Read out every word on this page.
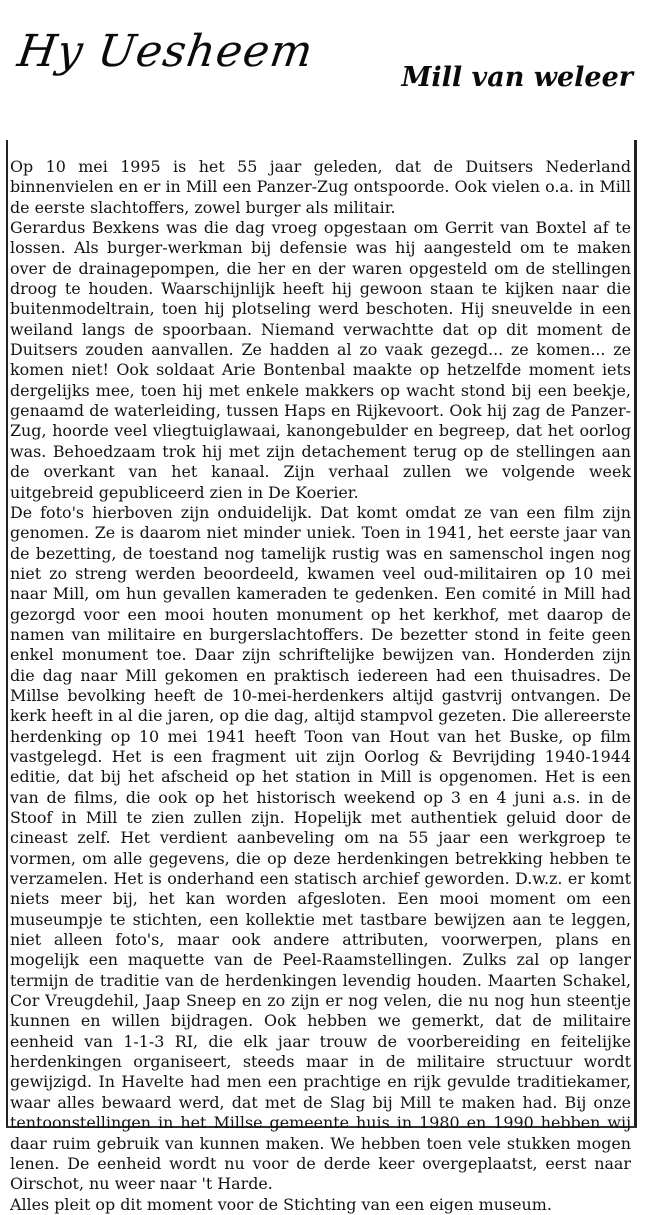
Hy Uesheem
Mill van weleer
Op 10 mei 1995 is het 55 jaar geleden, dat de Duitsers Nederland binnenvielen en er in Mill een Panzer-Zug ontspoorde. Ook vielen o.a. in Mill de eerste slachtoffers, zowel burger als militair.
Gerardus Bexkens was die dag vroeg opgestaan om Gerrit van Boxtel af te lossen. Als burger-werkman bij defensie was hij aangesteld om te maken over de drainagepompen, die her en der waren opgesteld om de stellingen droog te houden. Waarschijnlijk heeft hij gewoon staan te kijken naar die buitenmodeltrain, toen hij plotseling werd beschoten. Hij sneuvelde in een weiland langs de spoorbaan. Niemand verwachtte dat op dit moment de Duitsers zouden aanvallen. Ze hadden al zo vaak gezegd... ze komen... ze komen niet! Ook soldaat Arie Bontenbal maakte op hetzelfde moment iets dergelijks mee, toen hij met enkele makkers op wacht stond bij een beekje, genaamd de waterleiding, tussen Haps en Rijkevoort. Ook hij zag de Panzer-Zug, hoorde veel vliegtuiglawaai, kanongebulder en begreep, dat het oorlog was. Behoedzaam trok hij met zijn detachement terug op de stellingen aan de overkant van het kanaal. Zijn verhaal zullen we volgende week uitgebreid gepubliceerd zien in De Koerier.
De foto's hierboven zijn onduidelijk. Dat komt omdat ze van een film zijn genomen. Ze is daarom niet minder uniek. Toen in 1941, het eerste jaar van de bezetting, de toestand nog tamelijk rustig was en samenschol ingen nog niet zo streng werden beoordeeld, kwamen veel oud-militairen op 10 mei naar Mill, om hun gevallen kameraden te gedenken. Een comité in Mill had gezorgd voor een mooi houten monument op het kerkhof, met daarop de namen van militaire en burgerslachtoffers. De bezetter stond in feite geen enkel monument toe. Daar zijn schriftelijke bewijzen van. Honderden zijn die dag naar Mill gekomen en praktisch iedereen had een thuisadres. De Millse bevolking heeft de 10-mei-herdenkers altijd gastvrij ontvangen. De kerk heeft in al die jaren, op die dag, altijd stampvol gezeten. Die allereerste herdenking op 10 mei 1941 heeft Toon van Hout van het Buske, op film vastgelegd. Het is een fragment uit zijn Oorlog & Bevrijding 1940-1944 editie, dat bij het afscheid op het station in Mill is opgenomen. Het is een van de films, die ook op het historisch weekend op 3 en 4 juni a.s. in de Stoof in Mill te zien zullen zijn. Hopelijk met authentiek geluid door de cineast zelf. Het verdient aanbeveling om na 55 jaar een werkgroep te vormen, om alle gegevens, die op deze herdenkingen betrekking hebben te verzamelen. Het is onderhand een statisch archief geworden. D.w.z. er komt niets meer bij, het kan worden afgesloten. Een mooi moment om een museumpje te stichten, een kollektie met tastbare bewijzen aan te leggen, niet alleen foto's, maar ook andere attributen, voorwerpen, plans en mogelijk een maquette van de Peel-Raamstellingen. Zulks zal op langer termijn de traditie van de herdenkingen levendig houden. Maarten Schakel, Cor Vreugdehil, Jaap Sneep en zo zijn er nog velen, die nu nog hun steentje kunnen en willen bijdragen. Ook hebben we gemerkt, dat de militaire eenheid van 1-1-3 RI, die elk jaar trouw de voorbereiding en feitelijke herdenkingen organiseert, steeds maar in de militaire structuur wordt gewijzigd. In Havelte had men een prachtige en rijk gevulde traditiekamer, waar alles bewaard werd, dat met de Slag bij Mill te maken had. Bij onze tentoonstellingen in het Millse gemeente huis in 1980 en 1990 hebben wij daar ruim gebruik van kunnen maken. We hebben toen vele stukken mogen lenen. De eenheid wordt nu voor de derde keer overgeplaatst, eerst naar Oirschot, nu weer naar 't Harde.
Alles pleit op dit moment voor de Stichting van een eigen museum.
